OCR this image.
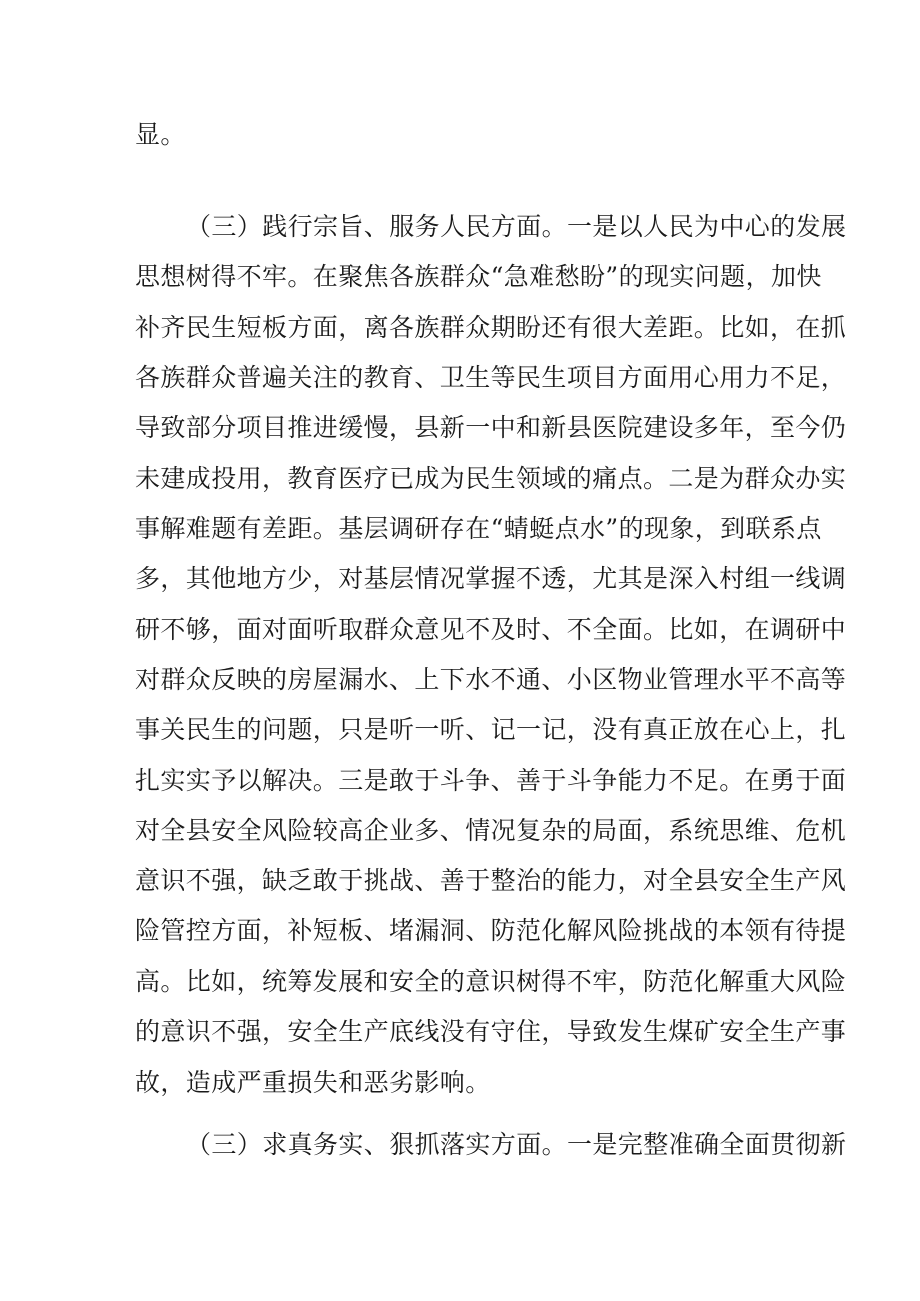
显。
（三）践行宗旨、服务人民方面。一是以人民为中心的发展
思想树得不牢。在聚焦各族群众“急难愁盼”的现实问题，加快
补齐民生短板方面，离各族群众期盼还有很大差距。比如，在抓
各族群众普遍关注的教育、卫生等民生项目方面用心用力不足，
导致部分项目推进缓慢，县新一中和新县医院建设多年，至今仍
未建成投用，教育医疗已成为民生领域的痛点。二是为群众办实
事解难题有差距。基层调研存在“蜻蜓点水”的现象，到联系点
多，其他地方少，对基层情况掌握不透，尤其是深入村组一线调
研不够，面对面听取群众意见不及时、不全面。比如，在调研中
对群众反映的房屋漏水、上下水不通、小区物业管理水平不高等
事关民生的问题，只是听一听、记一记，没有真正放在心上，扎
扎实实予以解决。三是敢于斗争、善于斗争能力不足。在勇于面
对全县安全风险较高企业多、情况复杂的局面，系统思维、危机
意识不强，缺乏敢于挑战、善于整治的能力，对全县安全生产风
险管控方面，补短板、堵漏洞、防范化解风险挑战的本领有待提
高。比如，统筹发展和安全的意识树得不牢，防范化解重大风险
的意识不强，安全生产底线没有守住，导致发生煤矿安全生产事
故，造成严重损失和恶劣影响。
（三）求真务实、狠抓落实方面。一是完整准确全面贯彻新
